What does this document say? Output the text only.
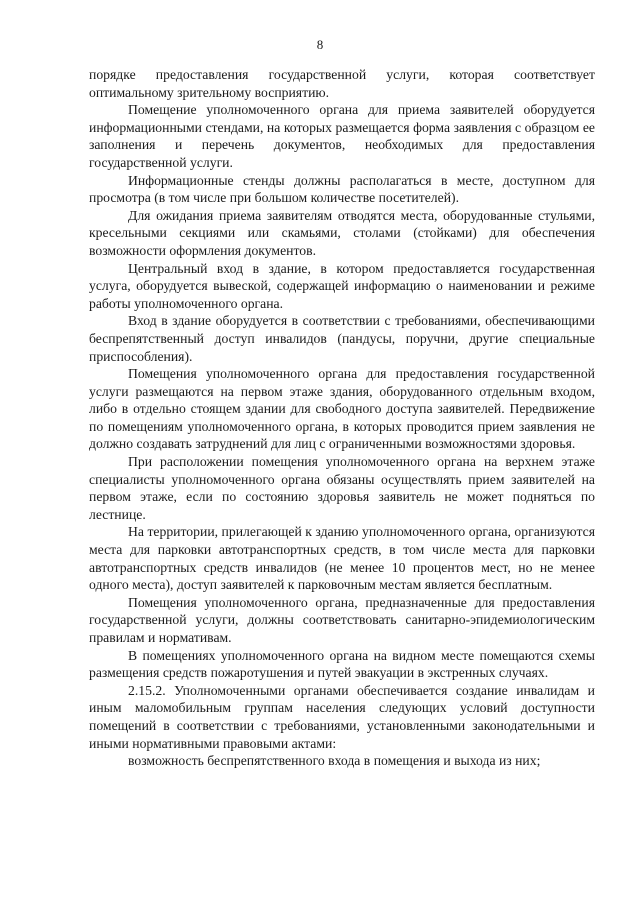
8

порядке предоставления государственной услуги, которая соответствует оптимальному зрительному восприятию.

Помещение уполномоченного органа для приема заявителей оборудуется информационными стендами, на которых размещается форма заявления с образцом ее заполнения и перечень документов, необходимых для предоставления государственной услуги.

Информационные стенды должны располагаться в месте, доступном для просмотра (в том числе при большом количестве посетителей).

Для ожидания приема заявителям отводятся места, оборудованные стульями, кресельными секциями или скамьями, столами (стойками) для обеспечения возможности оформления документов.

Центральный вход в здание, в котором предоставляется государственная услуга, оборудуется вывеской, содержащей информацию о наименовании и режиме работы уполномоченного органа.

Вход в здание оборудуется в соответствии с требованиями, обеспечивающими беспрепятственный доступ инвалидов (пандусы, поручни, другие специальные приспособления).

Помещения уполномоченного органа для предоставления государственной услуги размещаются на первом этаже здания, оборудованного отдельным входом, либо в отдельно стоящем здании для свободного доступа заявителей. Передвижение по помещениям уполномоченного органа, в которых проводится прием заявления не должно создавать затруднений для лиц с ограниченными возможностями здоровья.

При расположении помещения уполномоченного органа на верхнем этаже специалисты уполномоченного органа обязаны осуществлять прием заявителей на первом этаже, если по состоянию здоровья заявитель не может подняться по лестнице.

На территории, прилегающей к зданию уполномоченного органа, организуются места для парковки автотранспортных средств, в том числе места для парковки автотранспортных средств инвалидов (не менее 10 процентов мест, но не менее одного места), доступ заявителей к парковочным местам является бесплатным.

Помещения уполномоченного органа, предназначенные для предоставления государственной услуги, должны соответствовать санитарно-эпидемиологическим правилам и нормативам.

В помещениях уполномоченного органа на видном месте помещаются схемы размещения средств пожаротушения и путей эвакуации в экстренных случаях.

2.15.2. Уполномоченными органами обеспечивается создание инвалидам и иным маломобильным группам населения следующих условий доступности помещений в соответствии с требованиями, установленными законодательными и иными нормативными правовыми актами:

возможность беспрепятственного входа в помещения и выхода из них;
